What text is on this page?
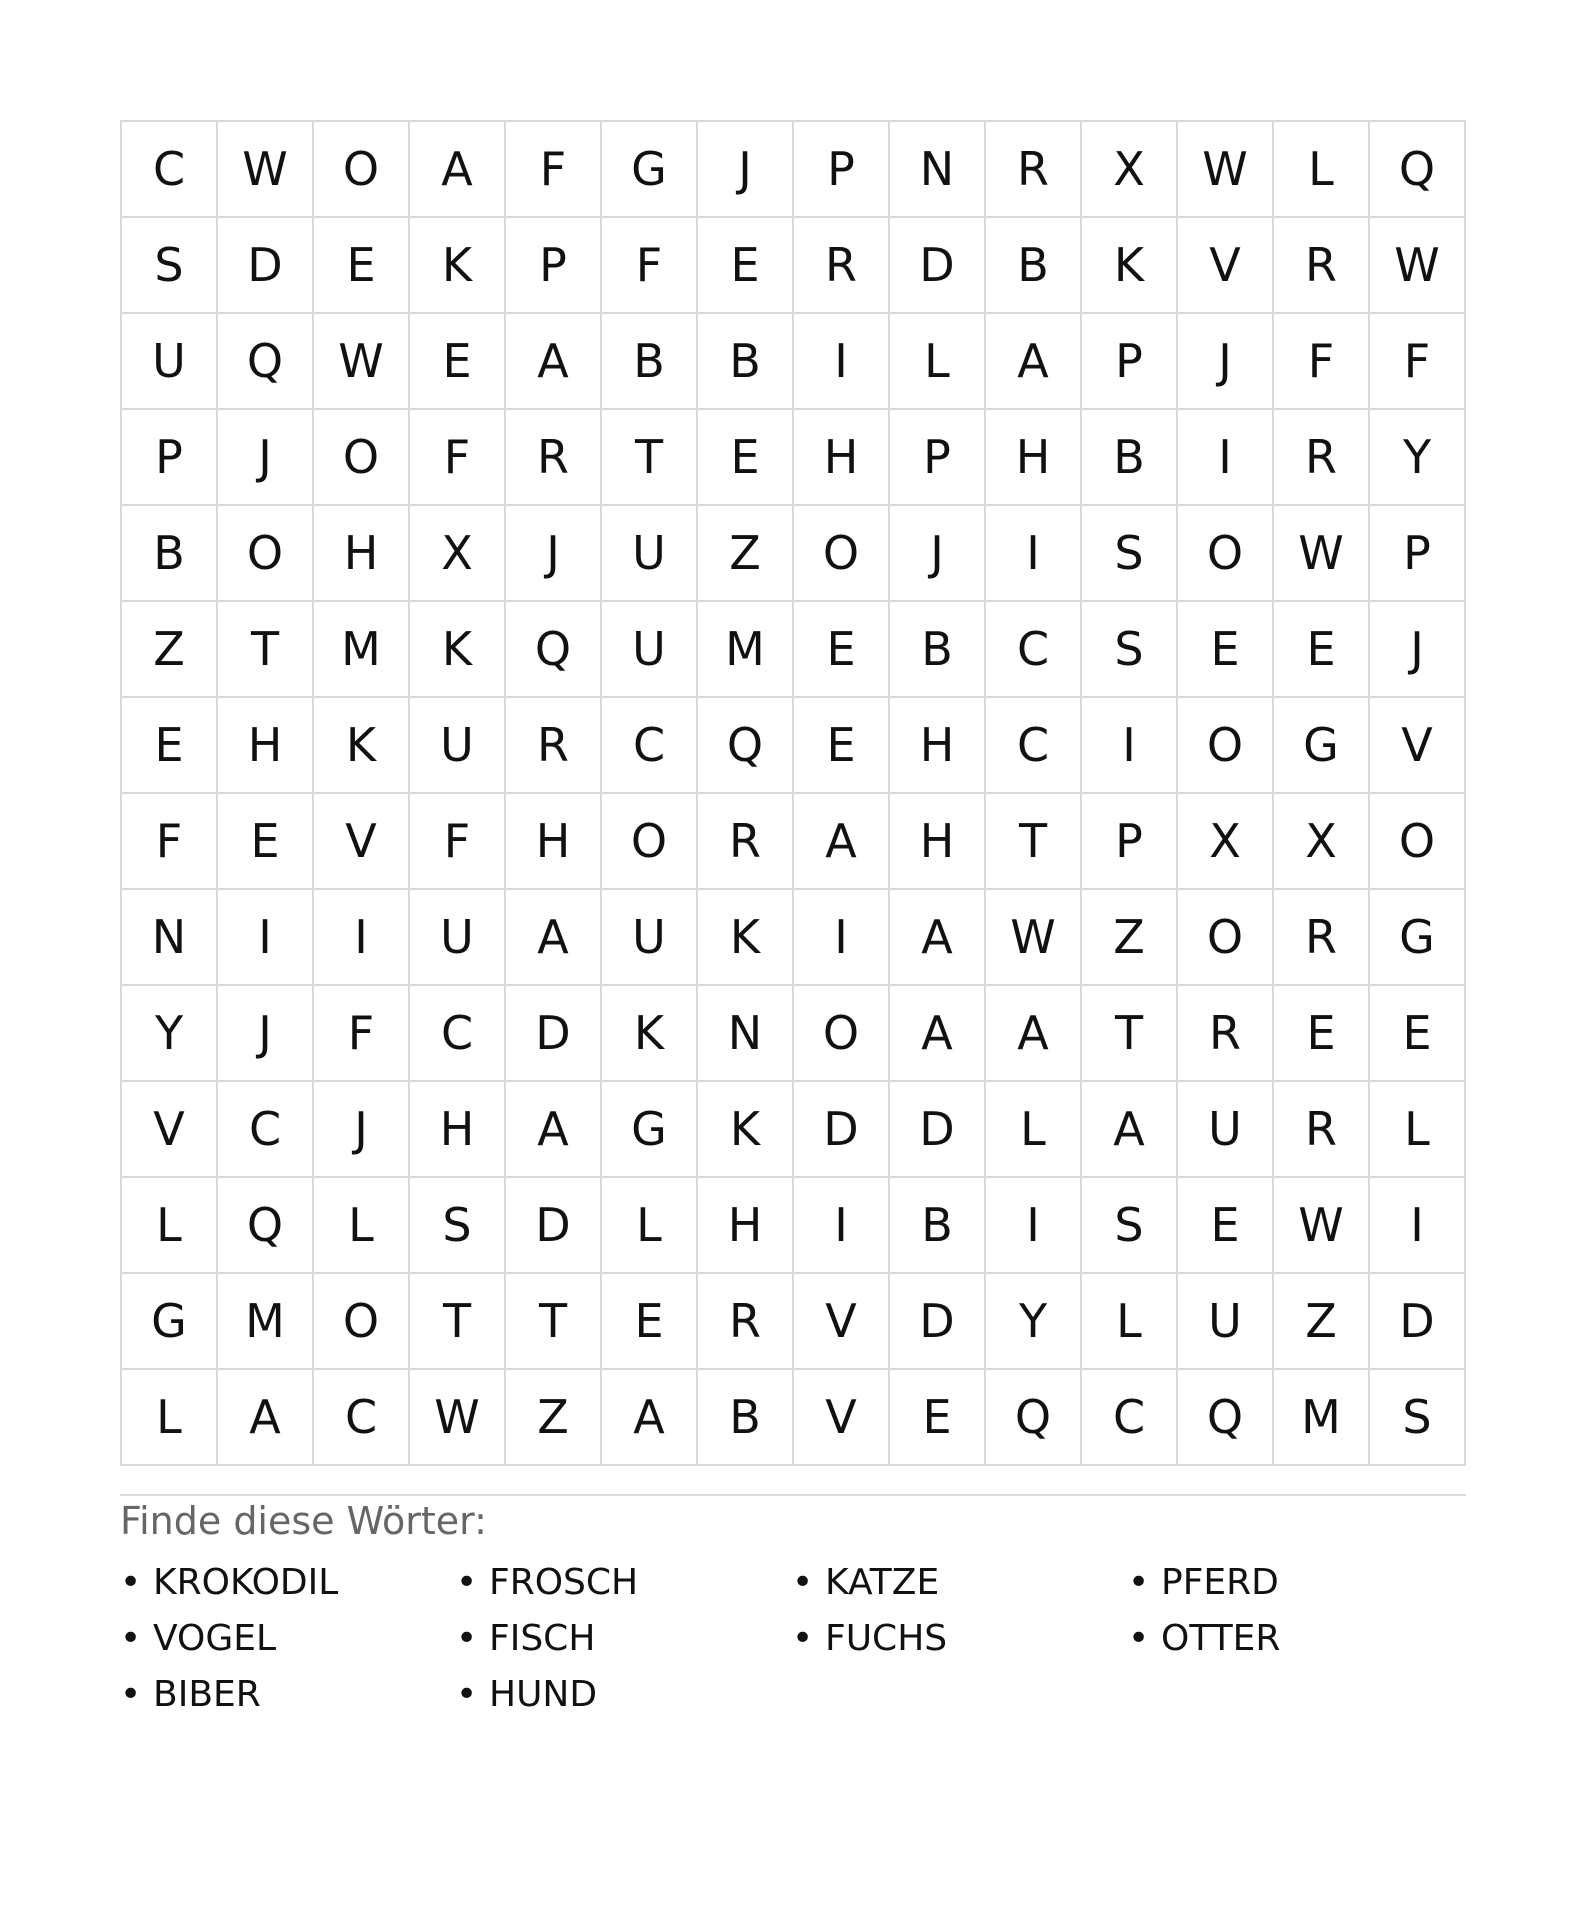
C	W	O	A	F	G	J	P	N	R	X	W	L	Q
S	D	E	K	P	F	E	R	D	B	K	V	R	W
U	Q	W	E	A	B	B	I	L	A	P	J	F	F
P	J	O	F	R	T	E	H	P	H	B	I	R	Y
B	O	H	X	J	U	Z	O	J	I	S	O	W	P
Z	T	M	K	Q	U	M	E	B	C	S	E	E	J
E	H	K	U	R	C	Q	E	H	C	I	O	G	V
F	E	V	F	H	O	R	A	H	T	P	X	X	O
N	I	I	U	A	U	K	I	A	W	Z	O	R	G
Y	J	F	C	D	K	N	O	A	A	T	R	E	E
V	C	J	H	A	G	K	D	D	L	A	U	R	L
L	Q	L	S	D	L	H	I	B	I	S	E	W	I
G	M	O	T	T	E	R	V	D	Y	L	U	Z	D
L	A	C	W	Z	A	B	V	E	Q	C	Q	M	S
Finde diese Wörter:
• KROKODIL	• FROSCH	• KATZE	• PFERD
• VOGEL	• FISCH	• FUCHS	• OTTER
• BIBER	• HUND
